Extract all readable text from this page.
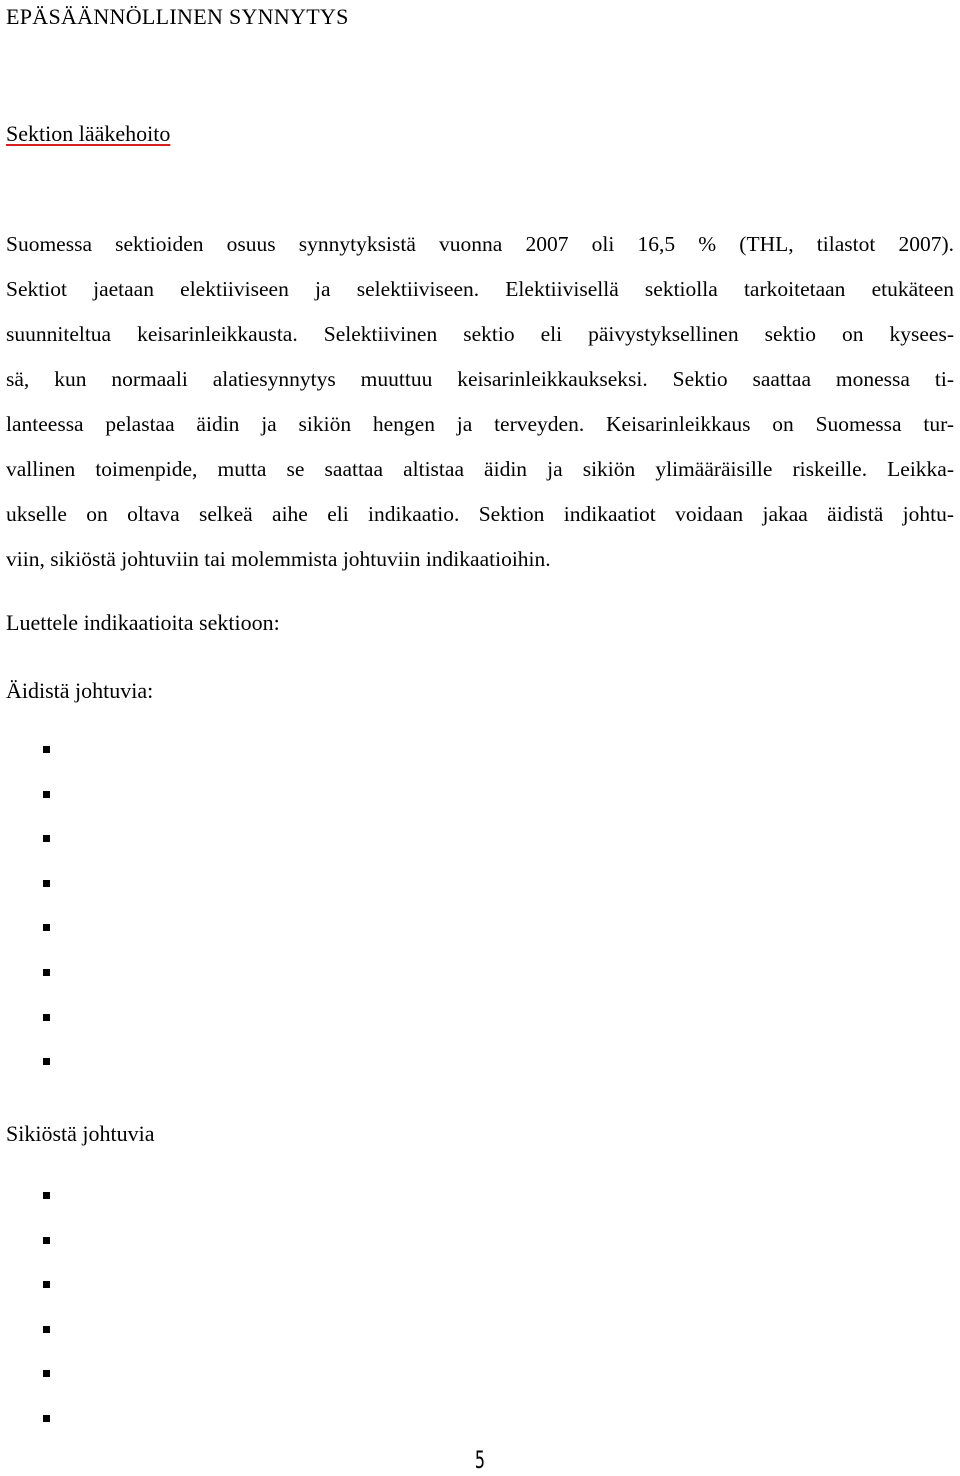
EPÄSÄÄNNÖLLINEN SYNNYTYS
Sektion lääkehoito
Suomessa sektioiden osuus synnytyksistä vuonna 2007 oli 16,5 % (THL, tilastot 2007).
Sektiot jaetaan elektiiviseen ja selektiiviseen. Elektiivisellä sektiolla tarkoitetaan etukäteen
suunniteltua keisarinleikkausta. Selektiivinen sektio eli päivystyksellinen sektio on kysees-
sä, kun normaali alatiesynnytys muuttuu keisarinleikkaukseksi. Sektio saattaa monessa ti-
lanteessa pelastaa äidin ja sikiön hengen ja terveyden. Keisarinleikkaus on Suomessa tur-
vallinen toimenpide, mutta se saattaa altistaa äidin ja sikiön ylimääräisille riskeille. Leikka-
ukselle on oltava selkeä aihe eli indikaatio. Sektion indikaatiot voidaan jakaa äidistä johtu-
viin, sikiöstä johtuviin tai molemmista johtuviin indikaatioihin.

Luettele indikaatioita sektioon:

Äidistä johtuvia:

Sikiöstä johtuvia

5
